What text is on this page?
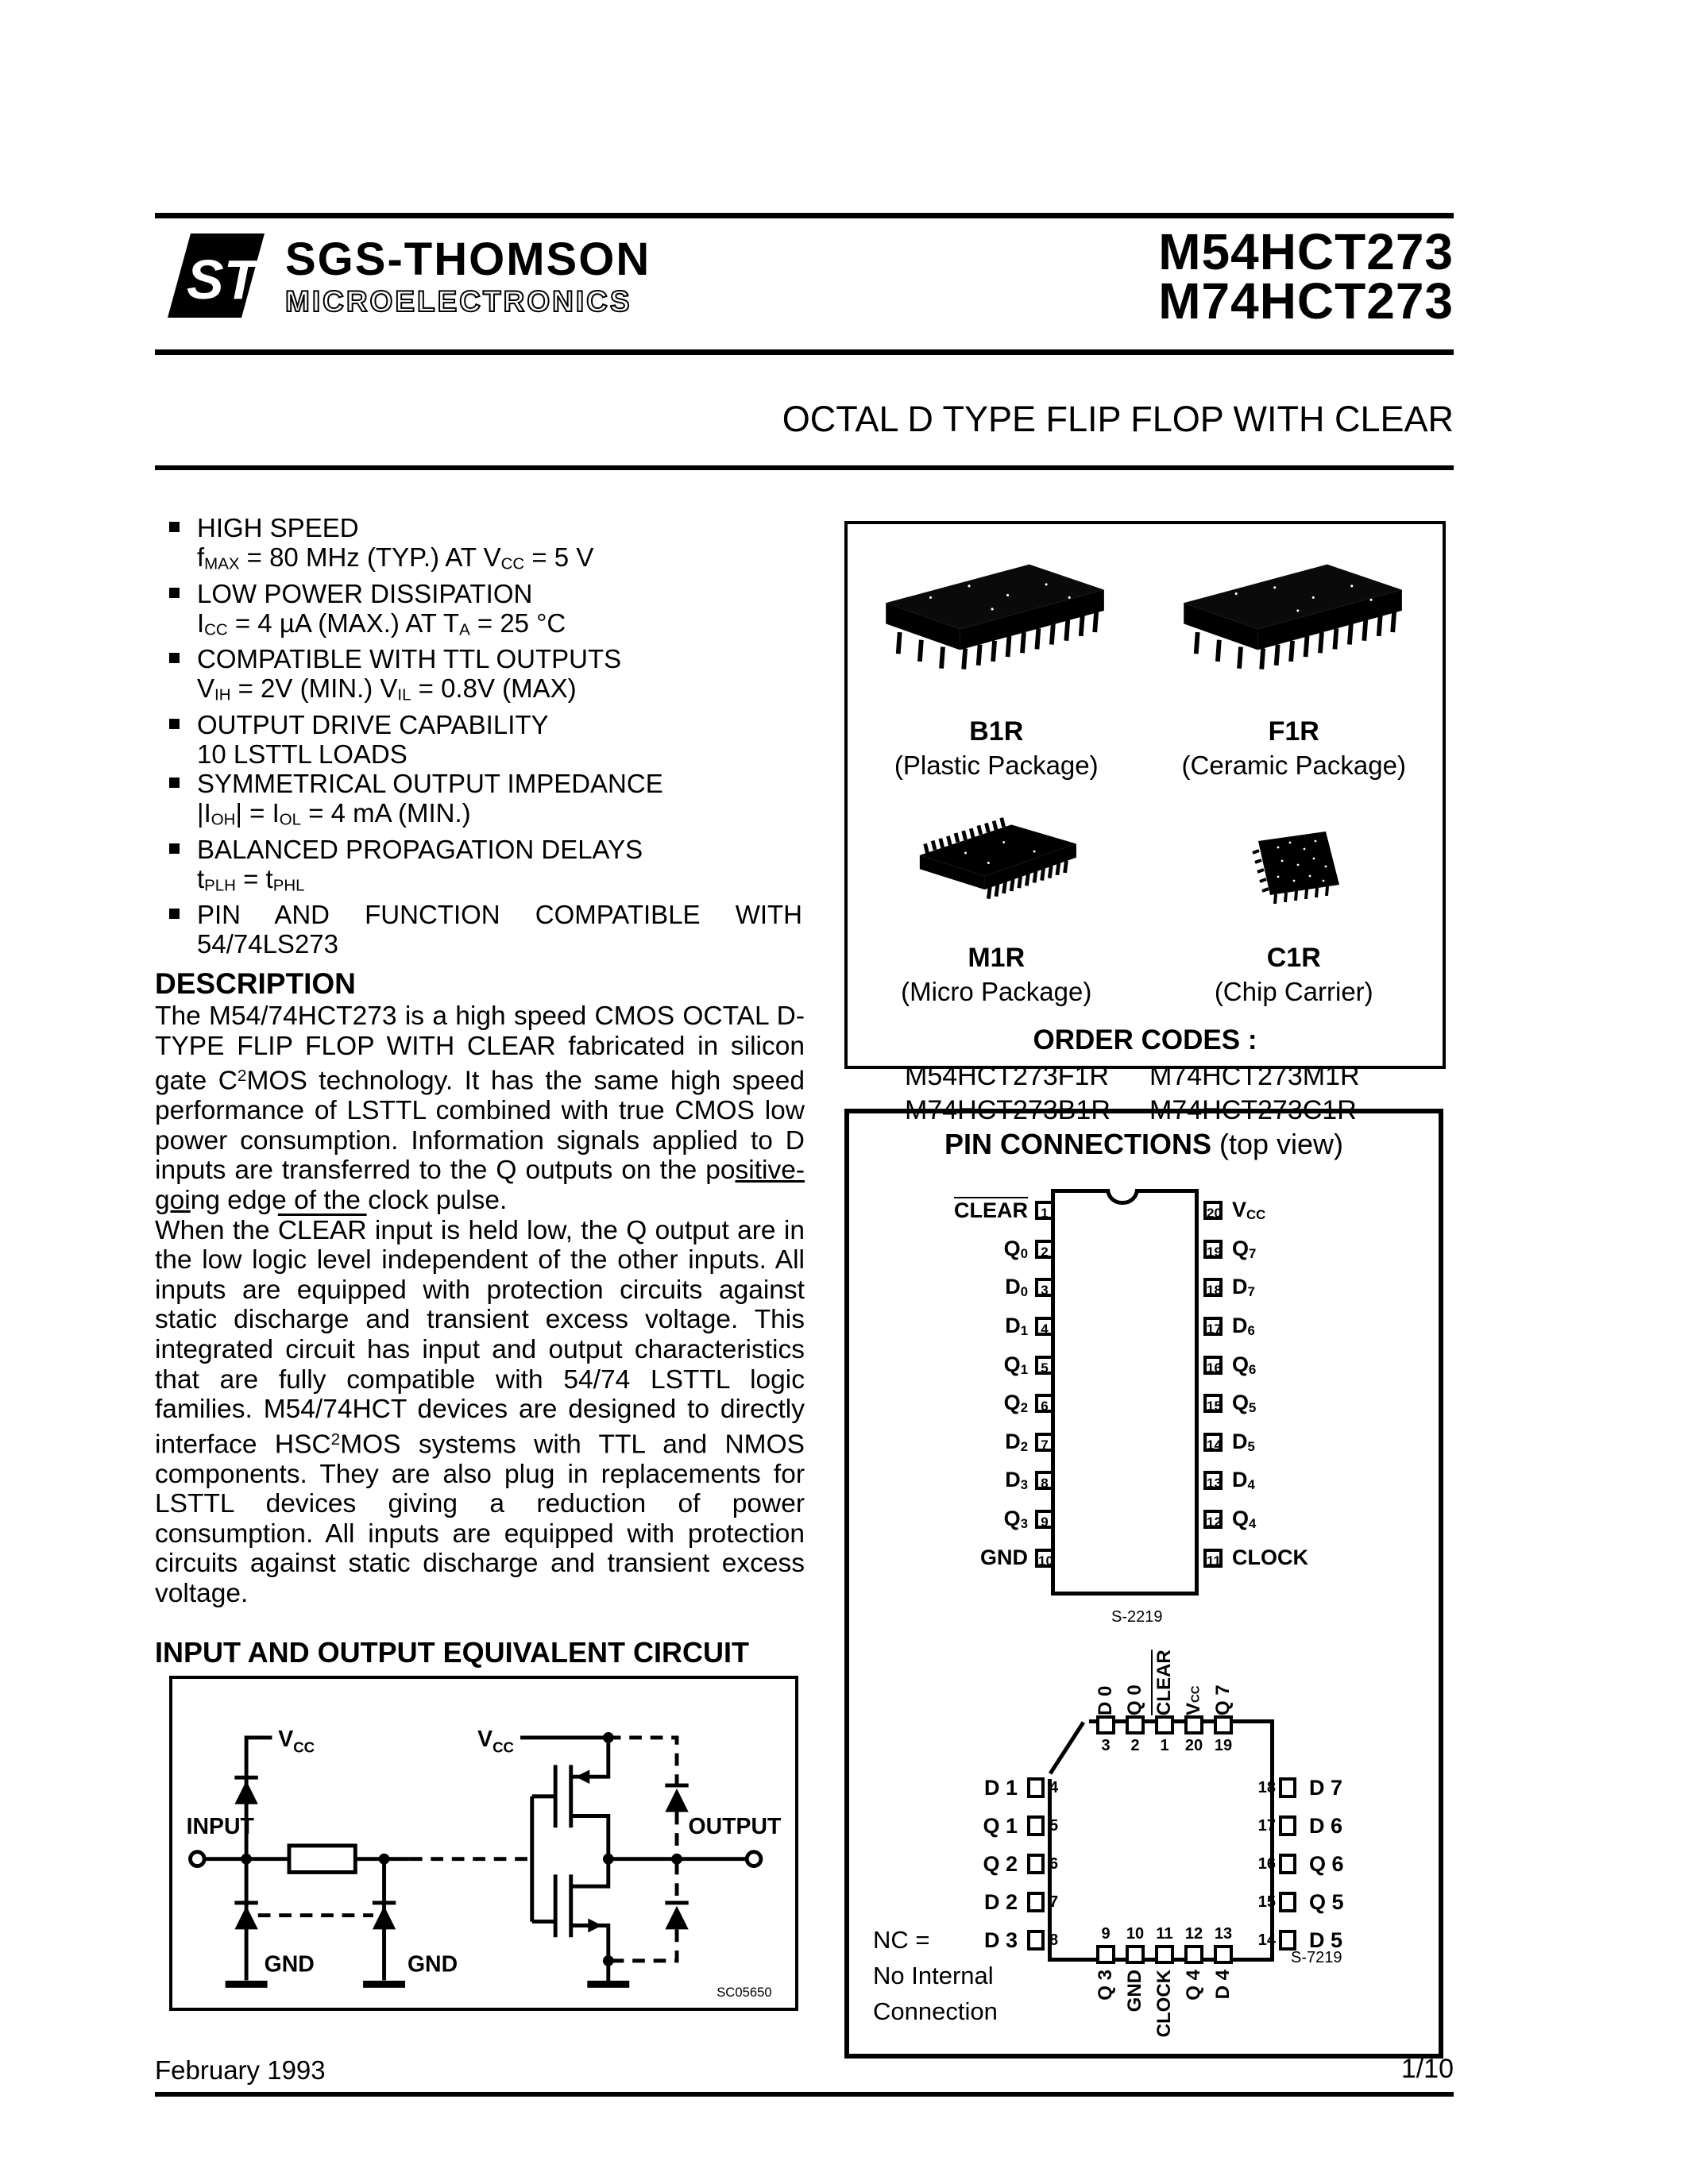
ST SGS-THOMSON
MICROELECTRONICS
M54HCT273
M74HCT273
OCTAL D TYPE FLIP FLOP WITH CLEAR
HIGH SPEED
$f_{MAX} = 80$ MHz (TYP.) AT $V_{CC} = 5$ V
LOW POWER DISSIPATION
$I_{CC} = 4$ µA (MAX.) AT $T_A = 25$ °C
COMPATIBLE WITH TTL OUTPUTS
$V_{IH} = 2V$ (MIN.) $V_{IL} = 0.8V$ (MAX)
OUTPUT DRIVE CAPABILITY
10 LSTTL LOADS
SYMMETRICAL OUTPUT IMPEDANCE
$|I_{OH}| = I_{OL} = 4$ mA (MIN.)
BALANCED PROPAGATION DELAYS
$t_{PLH} = t_{PHL}$
PIN AND FUNCTION COMPATIBLE WITH
54/74LS273
DESCRIPTION

The M54/74HCT273 is a high speed CMOS OCTAL D-TYPE FLIP FLOP WITH CLEAR fabricated in silicon gate $C^2MOS$ technology. It has the same high speed performance of LSTTL combined with true CMOS low power consumption. Information signals applied to D inputs are transferred to the Q outputs on the positive-going edge of the clock pulse.

When the CLEAR input is held low, the Q output are in the low logic level independent of the other inputs. All inputs are equipped with protection circuits against static discharge and transient excess voltage. This integrated circuit has input and output characteristics that are fully compatible with 54/74 LSTTL logic families. M54/74HCT devices are designed to directly interface HSC$^2$MOS systems with TTL and NMOS components. They are also plug in replacements for LSTTL devices giving a reduction of power consumption. All inputs are equipped with protection circuits against static discharge and transient excess voltage.

INPUT AND OUTPUT EQUIVALENT CIRCUIT
INPUT	OUTPUT
$V_{CC}$	$V_{CC}$
GND	GND
SC05650
B1R
(Plastic Package)
F1R
(Ceramic Package)
M1R
(Micro Package)
C1R
(Chip Carrier)
ORDER CODES :
M54HCT273F1R M74HCT273M1R
M74HCT273B1R M74HCT273C1R
PIN CONNECTIONS (top view)
CLEAR 1
$Q_0$ 2
$D_0$ 3
$D_1$ 4
$Q_1$ 5
$Q_2$ 6
$D_2$ 7
$D_3$ 8
$Q_3$ 9
GND 10
20 $V_{CC}$
19 $Q_7$
18 $D_7$
17 $D_6$
16 $Q_6$
15 $Q_5$
14 $D_5$
13 $D_4$
12 $Q_4$
11 CLOCK
S-2219
D 0
3
Q 0
2
CLEAR
1
$V_{CC}$
20
Q 7
19
D 1 4
Q 1 5
Q 2 6
D 2 7
D 3 8
18 D 7
17 D 6
16 Q 6
15 Q 5
14 D 5
9
Q 3
10
GND
11
CLOCK
12
Q 4
13
D 4
S-7219
NC =
No Internal
Connection
February 1993	1/10
